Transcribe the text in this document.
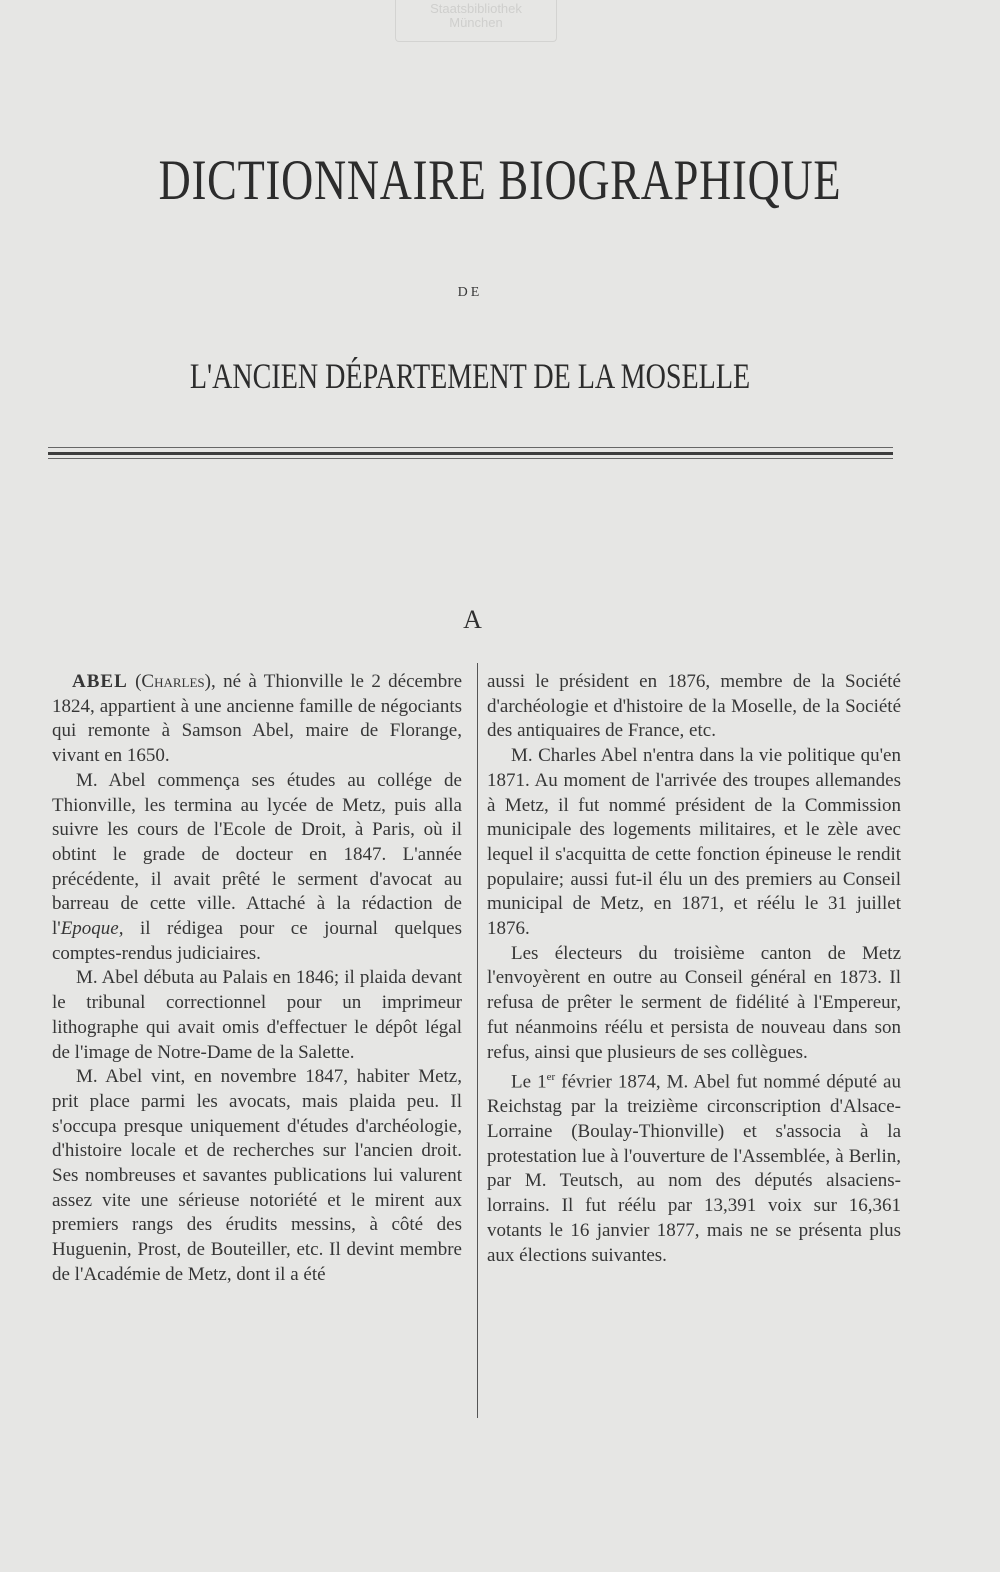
Staatsbibliothek
München
DICTIONNAIRE BIOGRAPHIQUE
DE
L'ANCIEN DÉPARTEMENT DE LA MOSELLE
A

ABEL (Charles), né à Thionville le 2 décembre 1824, appartient à une ancienne famille de négociants qui remonte à Samson Abel, maire de Florange, vivant en 1650.

M. Abel commença ses études au collége de Thionville, les termina au lycée de Metz, puis alla suivre les cours de l'Ecole de Droit, à Paris, où il obtint le grade de docteur en 1847. L'année précédente, il avait prêté le serment d'avocat au barreau de cette ville. Attaché à la rédaction de l'Epoque, il rédigea pour ce journal quelques comptes-rendus judiciaires.

M. Abel débuta au Palais en 1846; il plaida devant le tribunal correctionnel pour un imprimeur lithographe qui avait omis d'effectuer le dépôt légal de l'image de Notre-Dame de la Salette.

M. Abel vint, en novembre 1847, habiter Metz, prit place parmi les avocats, mais plaida peu. Il s'occupa presque uniquement d'études d'archéologie, d'histoire locale et de recherches sur l'ancien droit. Ses nombreuses et savantes publications lui valurent assez vite une sérieuse notoriété et le mirent aux premiers rangs des érudits messins, à côté des Huguenin, Prost, de Bouteiller, etc. Il devint membre de l'Académie de Metz, dont il a été

aussi le président en 1876, membre de la Société d'archéologie et d'histoire de la Moselle, de la Société des antiquaires de France, etc.

M. Charles Abel n'entra dans la vie politique qu'en 1871. Au moment de l'arrivée des troupes allemandes à Metz, il fut nommé président de la Commission municipale des logements militaires, et le zèle avec lequel il s'acquitta de cette fonction épineuse le rendit populaire; aussi fut-il élu un des premiers au Conseil municipal de Metz, en 1871, et réélu le 31 juillet 1876.

Les électeurs du troisième canton de Metz l'envoyèrent en outre au Conseil général en 1873. Il refusa de prêter le serment de fidélité à l'Empereur, fut néanmoins réélu et persista de nouveau dans son refus, ainsi que plusieurs de ses collègues.

Le 1er février 1874, M. Abel fut nommé député au Reichstag par la treizième circonscription d'Alsace-Lorraine (Boulay-Thionville) et s'associa à la protestation lue à l'ouverture de l'Assemblée, à Berlin, par M. Teutsch, au nom des députés alsaciens-lorrains. Il fut réélu par 13,391 voix sur 16,361 votants le 16 janvier 1877, mais ne se présenta plus aux élections suivantes.
